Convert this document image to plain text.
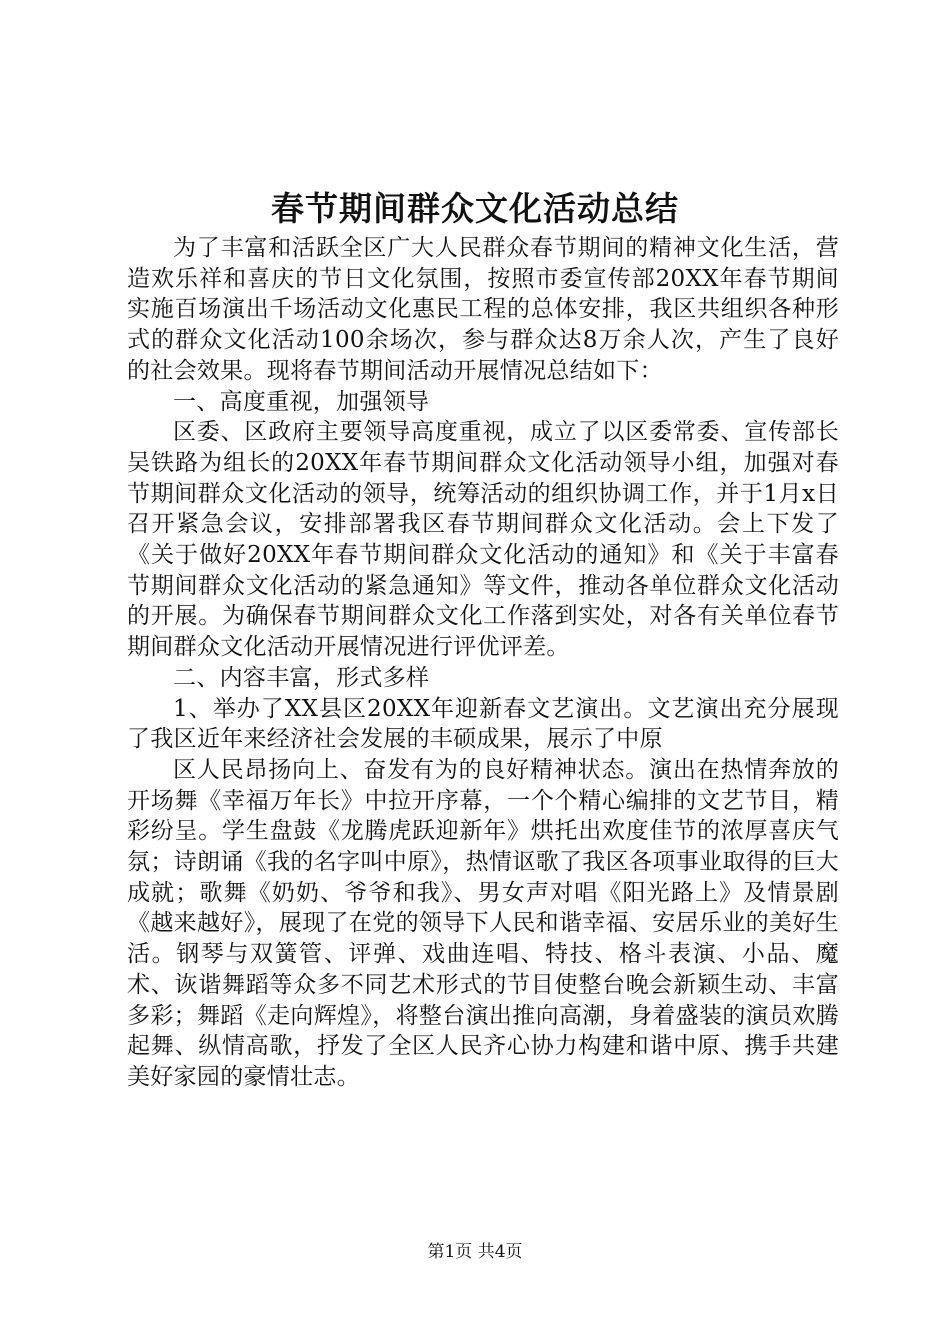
春节期间群众文化活动总结

为了丰富和活跃全区广大人民群众春节期间的精神文化生活，营造欢乐祥和喜庆的节日文化氛围，按照市委宣传部20XX年春节期间实施百场演出千场活动文化惠民工程的总体安排，我区共组织各种形式的群众文化活动100余场次，参与群众达8万余人次，产生了良好的社会效果。现将春节期间活动开展情况总结如下：

一、高度重视，加强领导

区委、区政府主要领导高度重视，成立了以区委常委、宣传部长吴铁路为组长的20XX年春节期间群众文化活动领导小组，加强对春节期间群众文化活动的领导，统筹活动的组织协调工作，并于1月x日召开紧急会议，安排部署我区春节期间群众文化活动。会上下发了《关于做好20XX年春节期间群众文化活动的通知》和《关于丰富春节期间群众文化活动的紧急通知》等文件，推动各单位群众文化活动的开展。为确保春节期间群众文化工作落到实处，对各有关单位春节期间群众文化活动开展情况进行评优评差。

二、内容丰富，形式多样

1、举办了XX县区20XX年迎新春文艺演出。文艺演出充分展现了我区近年来经济社会发展的丰硕成果，展示了中原

区人民昂扬向上、奋发有为的良好精神状态。演出在热情奔放的开场舞《幸福万年长》中拉开序幕，一个个精心编排的文艺节目，精彩纷呈。学生盘鼓《龙腾虎跃迎新年》烘托出欢度佳节的浓厚喜庆气氛；诗朗诵《我的名字叫中原》，热情讴歌了我区各项事业取得的巨大成就；歌舞《奶奶、爷爷和我》、男女声对唱《阳光路上》及情景剧《越来越好》，展现了在党的领导下人民和谐幸福、安居乐业的美好生活。钢琴与双簧管、评弹、戏曲连唱、特技、格斗表演、小品、魔术、诙谐舞蹈等众多不同艺术形式的节目使整台晚会新颖生动、丰富多彩；舞蹈《走向辉煌》，将整台演出推向高潮，身着盛装的演员欢腾起舞、纵情高歌，抒发了全区人民齐心协力构建和谐中原、携手共建美好家园的豪情壮志。

第1页 共4页
